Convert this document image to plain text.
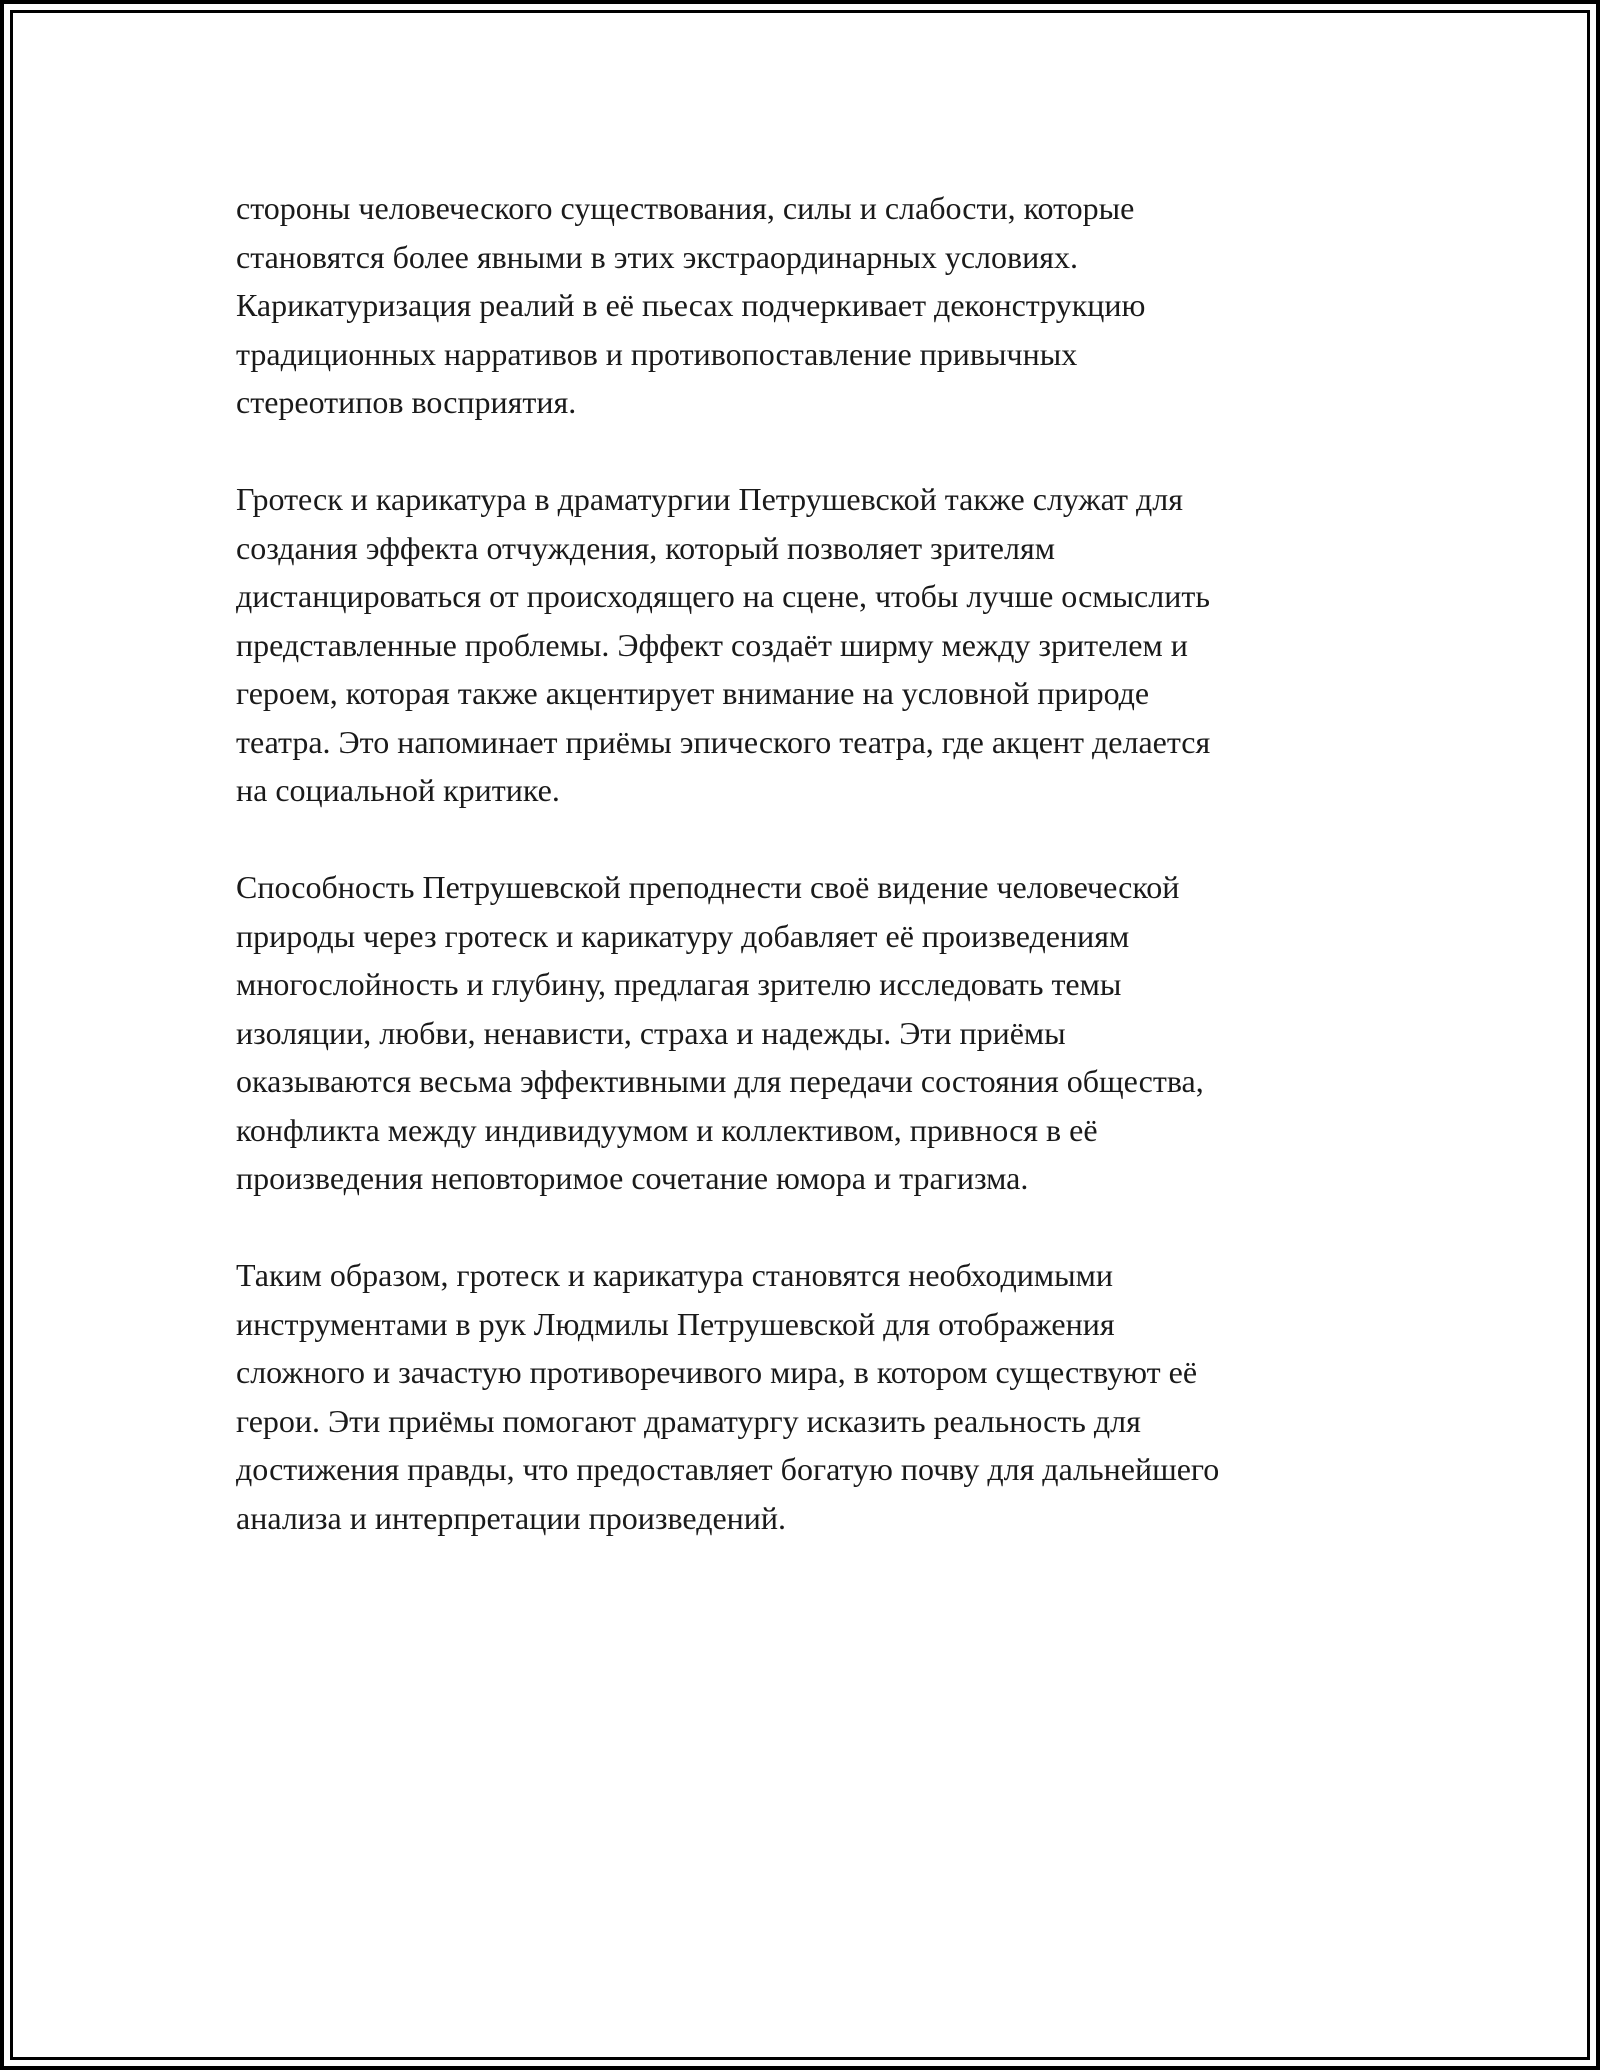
стороны человеческого существования, силы и слабости, которые
становятся более явными в этих экстраординарных условиях.
Карикатуризация реалий в её пьесах подчеркивает деконструкцию
традиционных нарративов и противопоставление привычных
стереотипов восприятия.

Гротеск и карикатура в драматургии Петрушевской также служат для
создания эффекта отчуждения, который позволяет зрителям
дистанцироваться от происходящего на сцене, чтобы лучше осмыслить
представленные проблемы. Эффект создаёт ширму между зрителем и
героем, которая также акцентирует внимание на условной природе
театра. Это напоминает приёмы эпического театра, где акцент делается
на социальной критике.

Способность Петрушевской преподнести своё видение человеческой
природы через гротеск и карикатуру добавляет её произведениям
многослойность и глубину, предлагая зрителю исследовать темы
изоляции, любви, ненависти, страха и надежды. Эти приёмы
оказываются весьма эффективными для передачи состояния общества,
конфликта между индивидуумом и коллективом, привнося в её
произведения неповторимое сочетание юмора и трагизма.

Таким образом, гротеск и карикатура становятся необходимыми
инструментами в рук Людмилы Петрушевской для отображения
сложного и зачастую противоречивого мира, в котором существуют её
герои. Эти приёмы помогают драматургу исказить реальность для
достижения правды, что предоставляет богатую почву для дальнейшего
анализа и интерпретации произведений.
